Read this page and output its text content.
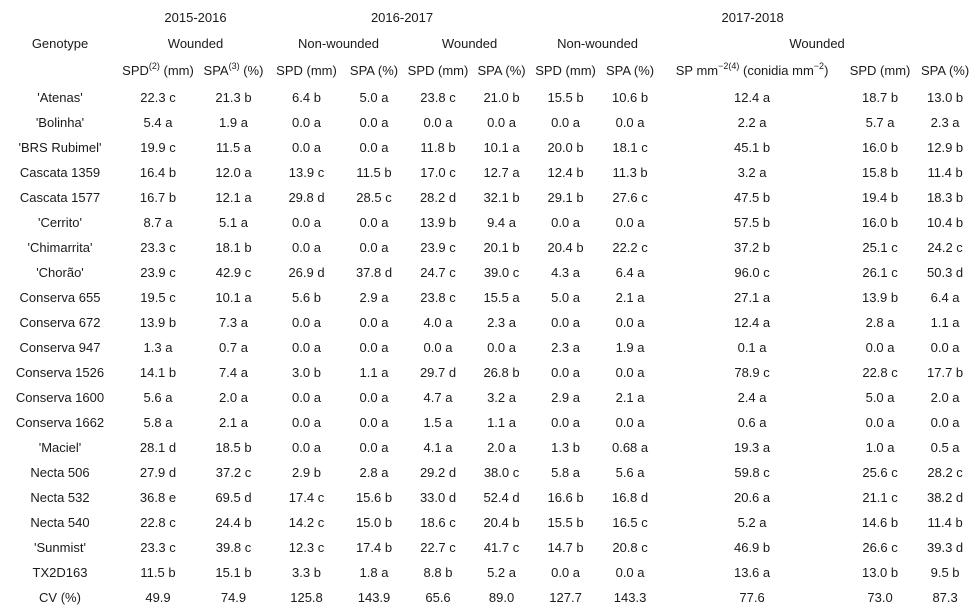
	2015-2016		2016-2017				2017-2018				
Genotype	Wounded		Non-wounded		Wounded		Non-wounded		Wounded		
	SPD$^{(2)}$ (mm)	SPA$^{(3)}$ (%)	SPD (mm)	SPA (%)	SPD (mm)	SPA (%)	SPD (mm)	SPA (%)	SP $mm^{-2(4)}$ (conidia $mm^{-2}$)	SPD (mm)	SPA (%)
'Atenas'	22.3 c	21.3 b	6.4 b	5.0 a	23.8 c	21.0 b	15.5 b	10.6 b	12.4 a	18.7 b	13.0 b
'Bolinha'	5.4 a	1.9 a	0.0 a	0.0 a	0.0 a	0.0 a	0.0 a	0.0 a	2.2 a	5.7 a	2.3 a
'BRS Rubimel'	19.9 c	11.5 a	0.0 a	0.0 a	11.8 b	10.1 a	20.0 b	18.1 c	45.1 b	16.0 b	12.9 b
Cascata 1359	16.4 b	12.0 a	13.9 c	11.5 b	17.0 c	12.7 a	12.4 b	11.3 b	3.2 a	15.8 b	11.4 b
Cascata 1577	16.7 b	12.1 a	29.8 d	28.5 c	28.2 d	32.1 b	29.1 b	27.6 c	47.5 b	19.4 b	18.3 b
'Cerrito'	8.7 a	5.1 a	0.0 a	0.0 a	13.9 b	9.4 a	0.0 a	0.0 a	57.5 b	16.0 b	10.4 b
'Chimarrita'	23.3 c	18.1 b	0.0 a	0.0 a	23.9 c	20.1 b	20.4 b	22.2 c	37.2 b	25.1 c	24.2 c
'Chorão'	23.9 c	42.9 c	26.9 d	37.8 d	24.7 c	39.0 c	4.3 a	6.4 a	96.0 c	26.1 c	50.3 d
Conserva 655	19.5 c	10.1 a	5.6 b	2.9 a	23.8 c	15.5 a	5.0 a	2.1 a	27.1 a	13.9 b	6.4 a
Conserva 672	13.9 b	7.3 a	0.0 a	0.0 a	4.0 a	2.3 a	0.0 a	0.0 a	12.4 a	2.8 a	1.1 a
Conserva 947	1.3 a	0.7 a	0.0 a	0.0 a	0.0 a	0.0 a	2.3 a	1.9 a	0.1 a	0.0 a	0.0 a
Conserva 1526	14.1 b	7.4 a	3.0 b	1.1 a	29.7 d	26.8 b	0.0 a	0.0 a	78.9 c	22.8 c	17.7 b
Conserva 1600	5.6 a	2.0 a	0.0 a	0.0 a	4.7 a	3.2 a	2.9 a	2.1 a	2.4 a	5.0 a	2.0 a
Conserva 1662	5.8 a	2.1 a	0.0 a	0.0 a	1.5 a	1.1 a	0.0 a	0.0 a	0.6 a	0.0 a	0.0 a
'Maciel'	28.1 d	18.5 b	0.0 a	0.0 a	4.1 a	2.0 a	1.3 b	0.68 a	19.3 a	1.0 a	0.5 a
Necta 506	27.9 d	37.2 c	2.9 b	2.8 a	29.2 d	38.0 c	5.8 a	5.6 a	59.8 c	25.6 c	28.2 c
Necta 532	36.8 e	69.5 d	17.4 c	15.6 b	33.0 d	52.4 d	16.6 b	16.8 d	20.6 a	21.1 c	38.2 d
Necta 540	22.8 c	24.4 b	14.2 c	15.0 b	18.6 c	20.4 b	15.5 b	16.5 c	5.2 a	14.6 b	11.4 b
'Sunmist'	23.3 c	39.8 c	12.3 c	17.4 b	22.7 c	41.7 c	14.7 b	20.8 c	46.9 b	26.6 c	39.3 d
TX2D163	11.5 b	15.1 b	3.3 b	1.8 a	8.8 b	5.2 a	0.0 a	0.0 a	13.6 a	13.0 b	9.5 b
CV (%)	49.9	74.9	125.8	143.9	65.6	89.0	127.7	143.3	77.6	73.0	87.3
